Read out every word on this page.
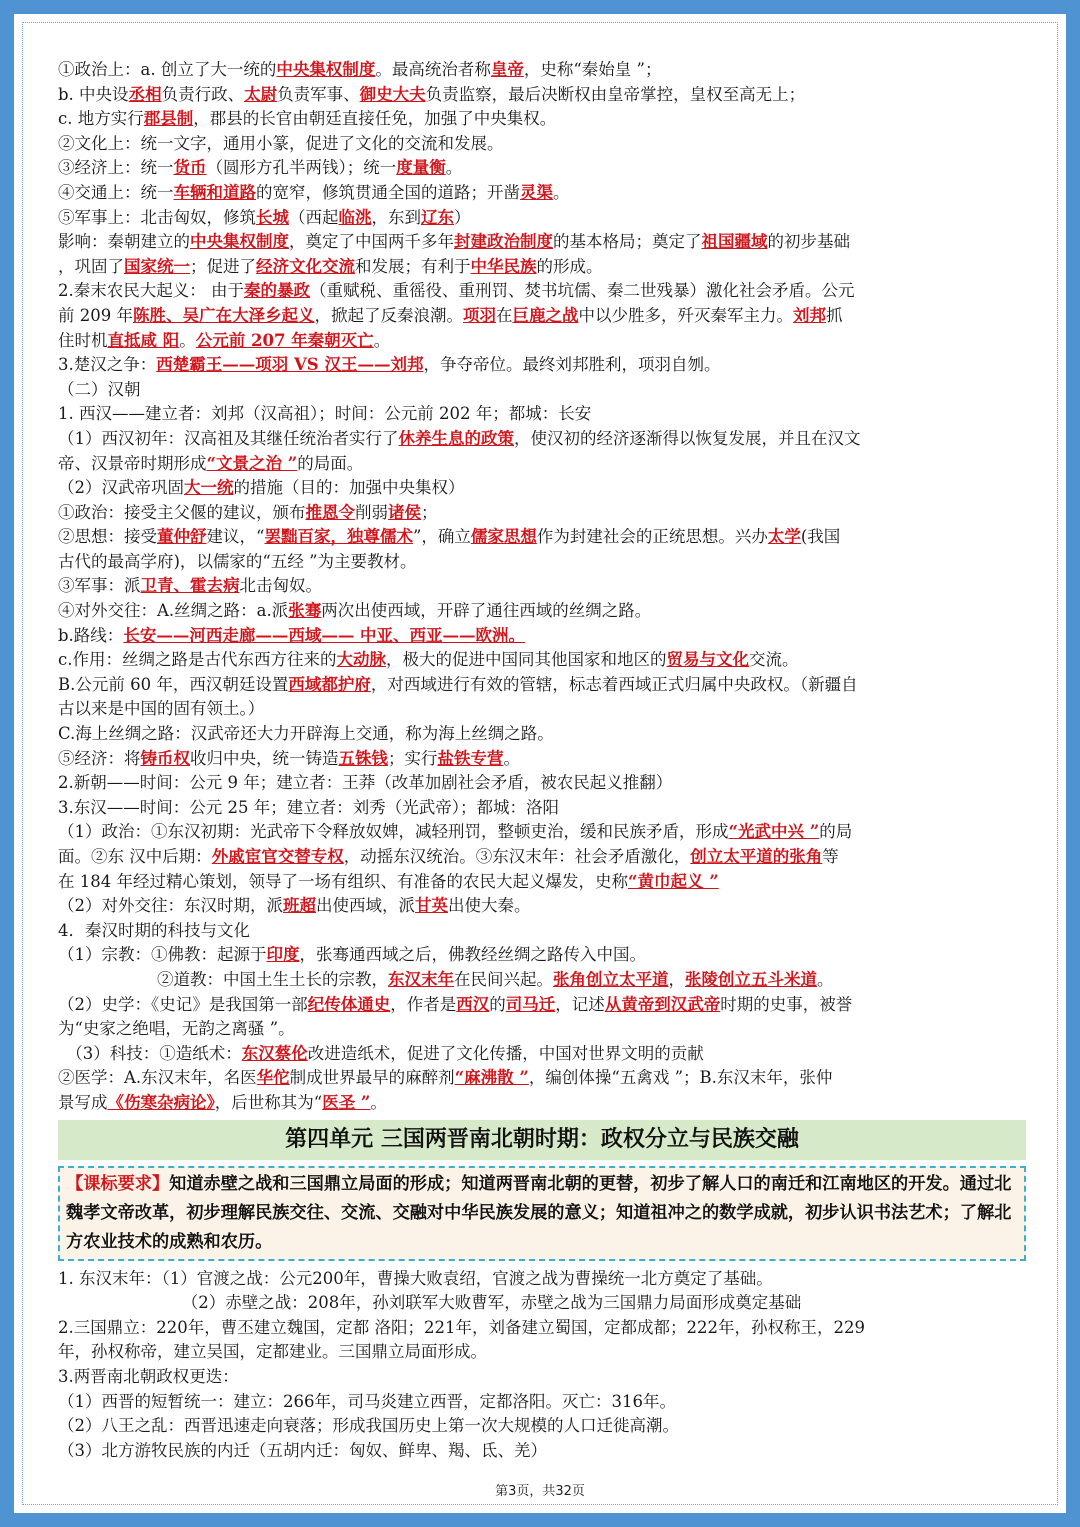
①政治上：a. 创立了大一统的中央集权制度。最高统治者称皇帝，史称“秦始皇 ”；
b. 中央设丞相负责行政、太尉负责军事、御史大夫负责监察，最后决断权由皇帝掌控，皇权至高无上；
c. 地方实行郡县制，郡县的长官由朝廷直接任免，加强了中央集权。
②文化上：统一文字，通用小篆，促进了文化的交流和发展。
③经济上：统一货币（圆形方孔半两钱）；统一度量衡。
④交通上：统一车辆和道路的宽窄，修筑贯通全国的道路；开凿灵渠。
⑤军事上：北击匈奴，修筑长城（西起临洮，东到辽东）
影响：秦朝建立的中央集权制度，奠定了中国两千多年封建政治制度的基本格局；奠定了祖国疆域的初步基础
，巩固了国家统一；促进了经济文化交流和发展；有利于中华民族的形成。
2.秦末农民大起义： 由于秦的暴政（重赋税、重徭役、重刑罚、焚书坑儒、秦二世残暴）激化社会矛盾。公元
前 209 年陈胜、吴广在大泽乡起义，掀起了反秦浪潮。项羽在巨鹿之战中以少胜多，歼灭秦军主力。刘邦抓
住时机直抵咸 阳。公元前 207 年秦朝灭亡。
3.楚汉之争：西楚霸王——项羽 VS 汉王——刘邦，争夺帝位。最终刘邦胜利，项羽自刎。
（二）汉朝
1. 西汉——建立者：刘邦（汉高祖）；时间：公元前 202 年；都城：长安
（1）西汉初年：汉高祖及其继任统治者实行了休养生息的政策，使汉初的经济逐渐得以恢复发展，并且在汉文
帝、汉景帝时期形成“文景之治 ”的局面。
（2）汉武帝巩固大一统的措施（目的：加强中央集权）
①政治：接受主父偃的建议，颁布推恩令削弱诸侯；
②思想：接受董仲舒建议，“罢黜百家，独尊儒术”，确立儒家思想作为封建社会的正统思想。兴办太学(我国
古代的最高学府)，以儒家的“五经 ”为主要教材。
③军事：派卫青、霍去病北击匈奴。
④对外交往：A.丝绸之路：a.派张骞两次出使西域，开辟了通往西域的丝绸之路。
b.路线：长安——河西走廊——西域—— 中亚、西亚——欧洲。
c.作用：丝绸之路是古代东西方往来的大动脉，极大的促进中国同其他国家和地区的贸易与文化交流。
B.公元前 60 年，西汉朝廷设置西域都护府，对西域进行有效的管辖，标志着西域正式归属中央政权。（新疆自
古以来是中国的固有领土。）
C.海上丝绸之路：汉武帝还大力开辟海上交通，称为海上丝绸之路。
⑤经济：将铸币权收归中央，统一铸造五铢钱；实行盐铁专营。
2.新朝——时间：公元 9 年；建立者：王莽（改革加剧社会矛盾，被农民起义推翻）
3.东汉——时间：公元 25 年；建立者：刘秀（光武帝）；都城：洛阳
（1）政治：①东汉初期：光武帝下令释放奴婢，减轻刑罚，整顿吏治，缓和民族矛盾，形成“光武中兴 ”的局
面。②东 汉中后期：外戚宦官交替专权，动摇东汉统治。③东汉末年：社会矛盾激化，创立太平道的张角等
在 184 年经过精心策划，领导了一场有组织、有准备的农民大起义爆发，史称“黄巾起义 ”
（2）对外交往：东汉时期，派班超出使西域，派甘英出使大秦。
4．秦汉时期的科技与文化
（1）宗教：①佛教：起源于印度，张骞通西域之后，佛教经丝绸之路传入中国。
　　　　　　②道教：中国土生土长的宗教，东汉末年在民间兴起。张角创立太平道，张陵创立五斗米道。
（2）史学：《史记》是我国第一部纪传体通史，作者是西汉的司马迁，记述从黄帝到汉武帝时期的史事，被誉
为“史家之绝唱，无韵之离骚 ”。
　（3）科技：①造纸术：东汉蔡伦改进造纸术，促进了文化传播，中国对世界文明的贡献
②医学：A.东汉末年，名医华佗制成世界最早的麻醉剂“麻沸散 ”，编创体操“五禽戏 ”；B.东汉末年，张仲
景写成《伤寒杂病论》，后世称其为“医圣 ”。
第四单元 三国两晋南北朝时期：政权分立与民族交融
【课标要求】知道赤壁之战和三国鼎立局面的形成；知道两晋南北朝的更替，初步了解人口的南迁和江南地区的开发。通过北魏孝文帝改革，初步理解民族交往、交流、交融对中华民族发展的意义；知道祖冲之的数学成就，初步认识书法艺术；了解北方农业技术的成熟和农历。
1. 东汉末年：（1）官渡之战：公元200年，曹操大败袁绍，官渡之战为曹操统一北方奠定了基础。
　　　　　　　　（2）赤壁之战：208年，孙刘联军大败曹军，赤壁之战为三国鼎力局面形成奠定基础
2.三国鼎立：220年，曹丕建立魏国，定都 洛阳；221年，刘备建立蜀国，定都成都；222年，孙权称王，229
年，孙权称帝，建立吴国，定都建业。三国鼎立局面形成。
3.两晋南北朝政权更迭：
（1）西晋的短暂统一：建立：266年，司马炎建立西晋，定都洛阳。灭亡：316年。
（2）八王之乱：西晋迅速走向衰落；形成我国历史上第一次大规模的人口迁徙高潮。
（3）北方游牧民族的内迁（五胡内迁：匈奴、鲜卑、羯、氐、羌）
第3页，共32页
